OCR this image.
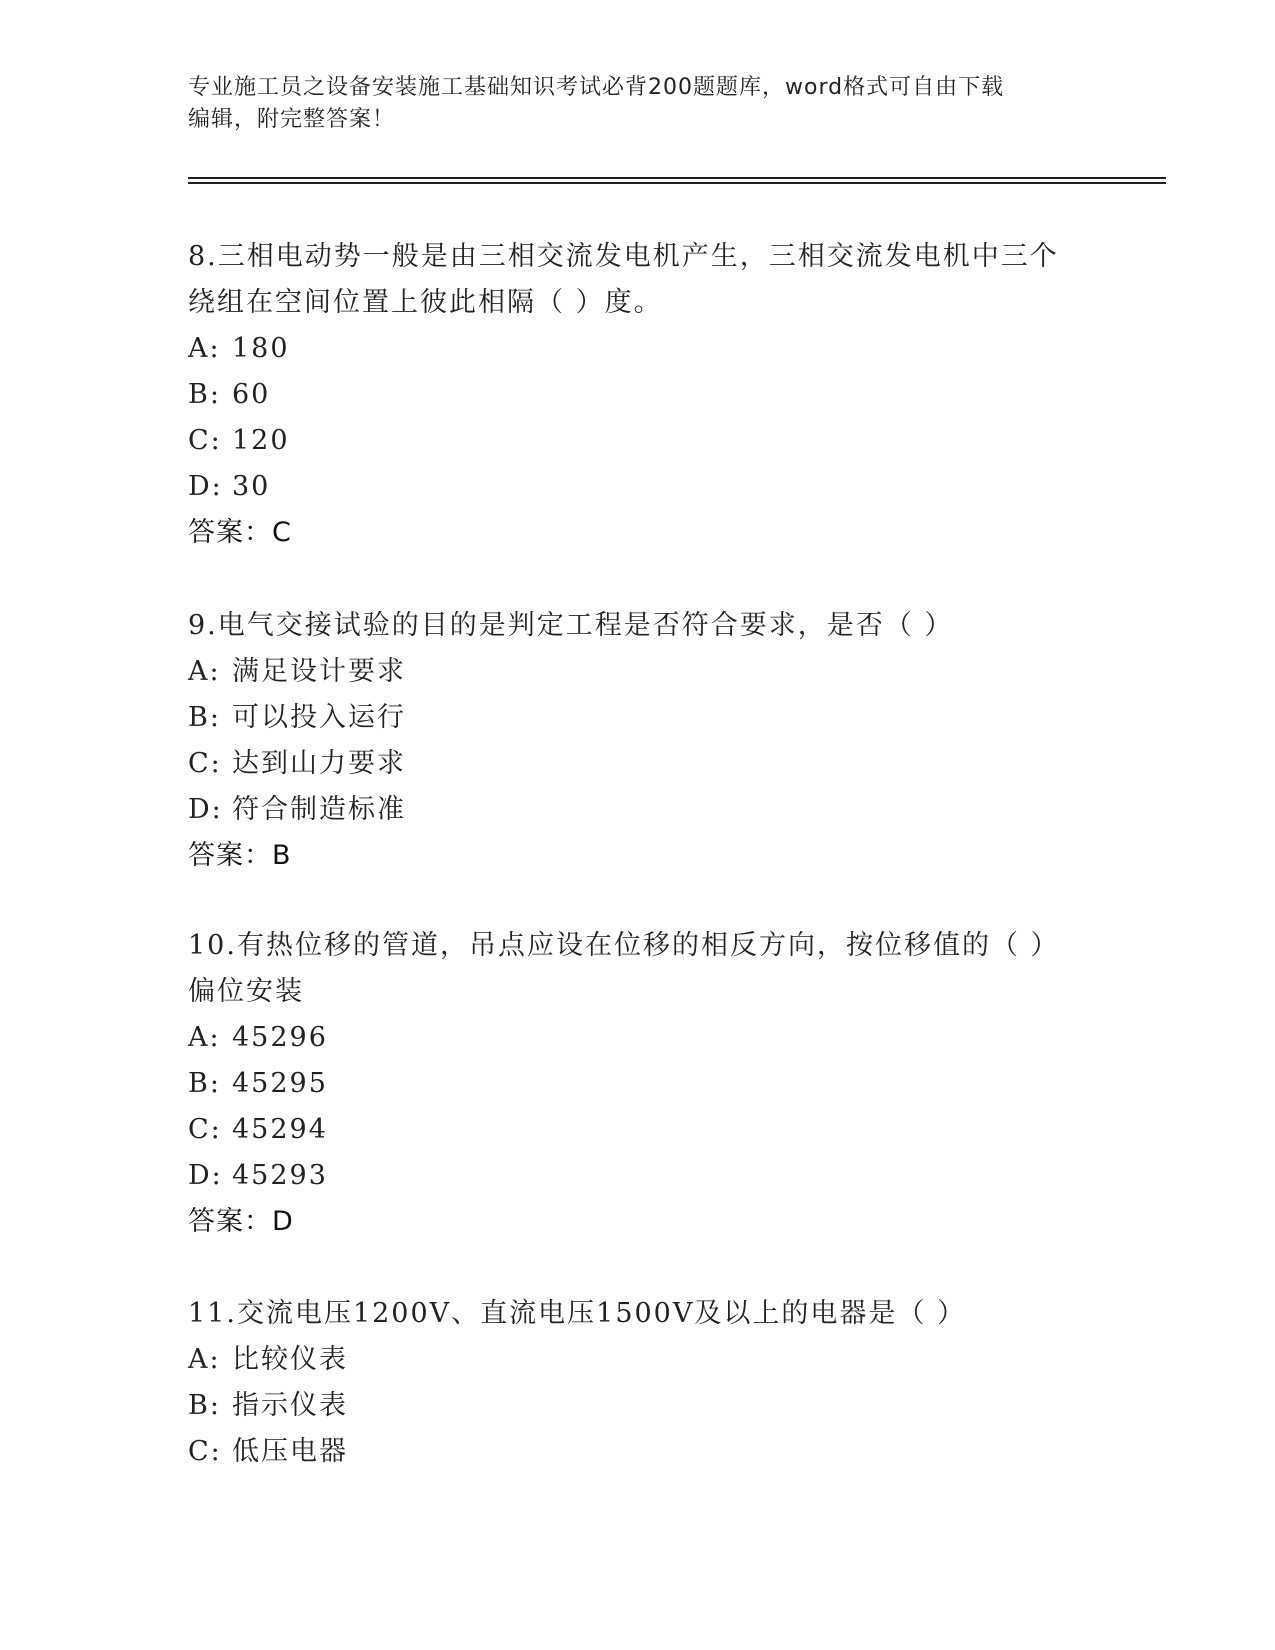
专业施工员之设备安装施工基础知识考试必背200题题库，word格式可自由下载
编辑，附完整答案！
8.三相电动势一般是由三相交流发电机产生，三相交流发电机中三个
绕组在空间位置上彼此相隔（ ）度。
A: 180
B: 60
C: 120
D: 30
答案：C
9.电气交接试验的目的是判定工程是否符合要求，是否（ ）
A: 满足设计要求
B: 可以投入运行
C: 达到山力要求
D: 符合制造标准
答案：B
10.有热位移的管道，吊点应设在位移的相反方向，按位移值的（ ）
偏位安装
A: 45296
B: 45295
C: 45294
D: 45293
答案：D
11.交流电压1200V、直流电压1500V及以上的电器是（ ）
A: 比较仪表
B: 指示仪表
C: 低压电器
